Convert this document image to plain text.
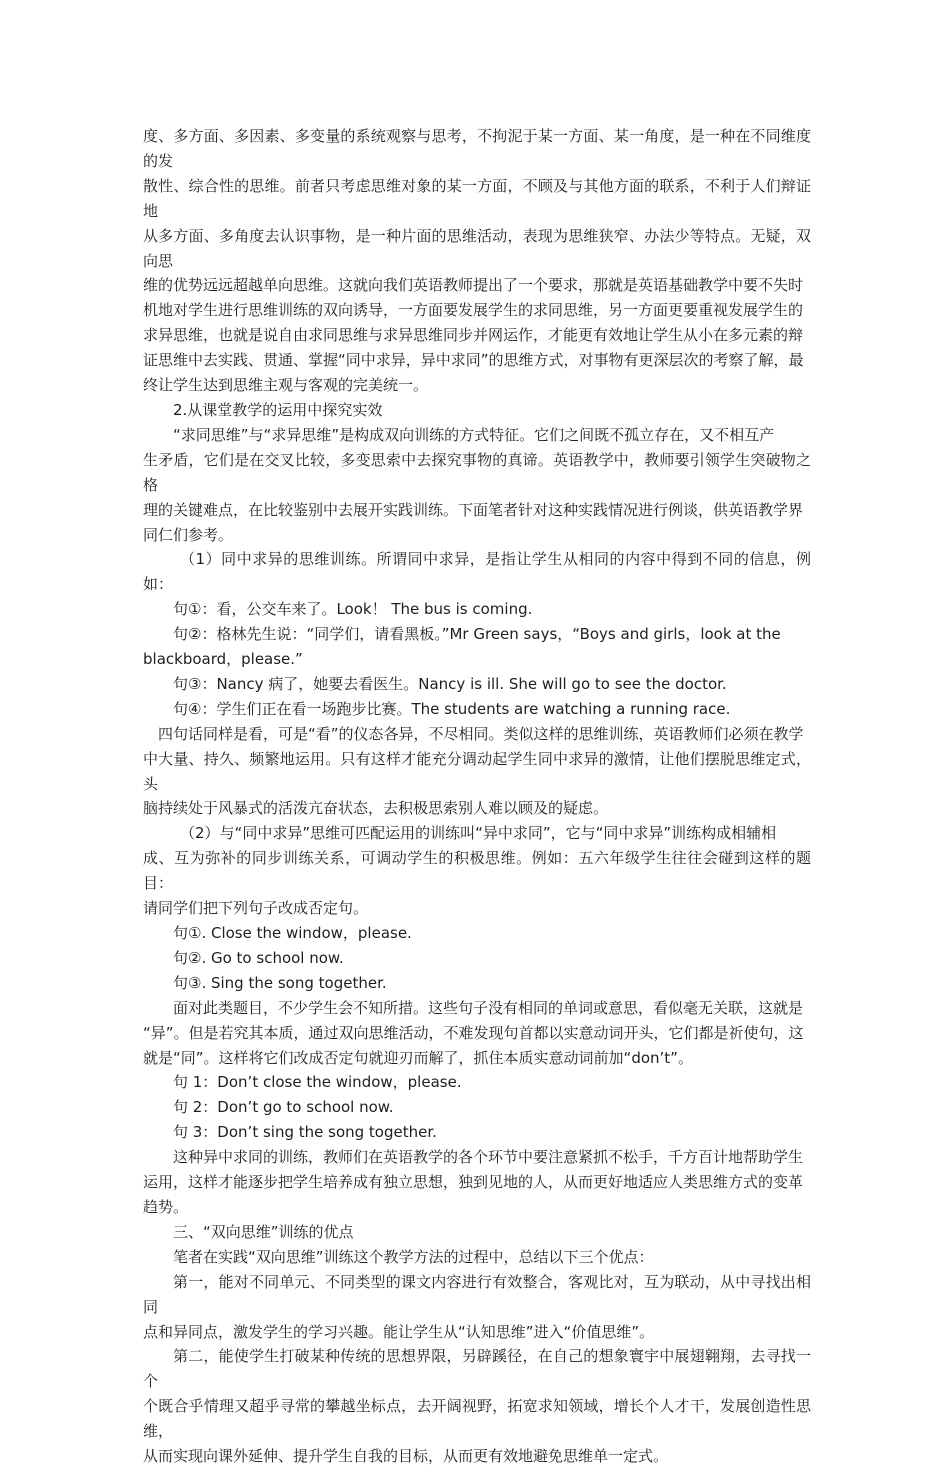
度、多方面、多因素、多变量的系统观察与思考，不拘泥于某一方面、某一角度，是一种在不同维度的发
散性、综合性的思维。前者只考虑思维对象的某一方面，不顾及与其他方面的联系，不利于人们辩证地
从多方面、多角度去认识事物，是一种片面的思维活动，表现为思维狭窄、办法少等特点。无疑，双向思
维的优势远远超越单向思维。这就向我们英语教师提出了一个要求，那就是英语基础教学中要不失时
机地对学生进行思维训练的双向诱导，一方面要发展学生的求同思维，另一方面更要重视发展学生的
求异思维，也就是说自由求同思维与求异思维同步并网运作，才能更有效地让学生从小在多元素的辩
证思维中去实践、贯通、掌握“同中求异，异中求同”的思维方式，对事物有更深层次的考察了解，最
终让学生达到思维主观与客观的完美统一。

2.从课堂教学的运用中探究实效

“求同思维”与“求异思维”是构成双向训练的方式特征。它们之间既不孤立存在，又不相互产
生矛盾，它们是在交叉比较，多变思索中去探究事物的真谛。英语教学中，教师要引领学生突破物之格
理的关键难点，在比较鉴别中去展开实践训练。下面笔者针对这种实践情况进行例谈，供英语教学界
同仁们参考。

（1）同中求异的思维训练。所谓同中求异，是指让学生从相同的内容中得到不同的信息，例如：

句①：看，公交车来了。Look！ The bus is coming.

句②：格林先生说：“同学们，请看黑板。”Mr Green says，“Boys and girls，look at the
blackboard，please.”

句③：Nancy 病了，她要去看医生。Nancy is ill. She will go to see the doctor.

句④：学生们正在看一场跑步比赛。The students are watching a running race.

四句话同样是看，可是“看”的仪态各异，不尽相同。类似这样的思维训练，英语教师们必须在教学
中大量、持久、频繁地运用。只有这样才能充分调动起学生同中求异的激情，让他们摆脱思维定式，头
脑持续处于风暴式的活泼亢奋状态，去积极思索别人难以顾及的疑虑。

（2）与“同中求异”思维可匹配运用的训练叫“异中求同”，它与“同中求异”训练构成相辅相
成、互为弥补的同步训练关系，可调动学生的积极思维。例如：五六年级学生往往会碰到这样的题目：
请同学们把下列句子改成否定句。

句①. Close the window，please.

句②. Go to school now.

句③. Sing the song together.

面对此类题目，不少学生会不知所措。这些句子没有相同的单词或意思，看似毫无关联，这就是
“异”。但是若究其本质，通过双向思维活动，不难发现句首都以实意动词开头，它们都是祈使句，这
就是“同”。这样将它们改成否定句就迎刃而解了，抓住本质实意动词前加“don’t”。

句 1：Don’t close the window，please.

句 2：Don’t go to school now.

句 3：Don’t sing the song together.

这种异中求同的训练，教师们在英语教学的各个环节中要注意紧抓不松手，千方百计地帮助学生
运用，这样才能逐步把学生培养成有独立思想，独到见地的人，从而更好地适应人类思维方式的变革
趋势。

三、“双向思维”训练的优点

笔者在实践“双向思维”训练这个教学方法的过程中，总结以下三个优点：

第一，能对不同单元、不同类型的课文内容进行有效整合，客观比对，互为联动，从中寻找出相同
点和异同点，激发学生的学习兴趣。能让学生从“认知思维”进入“价值思维”。

第二，能使学生打破某种传统的思想界限，另辟蹊径，在自己的想象寰宇中展翅翱翔，去寻找一个
个既合乎情理又超乎寻常的攀越坐标点，去开阔视野，拓宽求知领域，增长个人才干，发展创造性思维，
从而实现向课外延伸、提升学生自我的目标，从而更有效地避免思维单一定式。
